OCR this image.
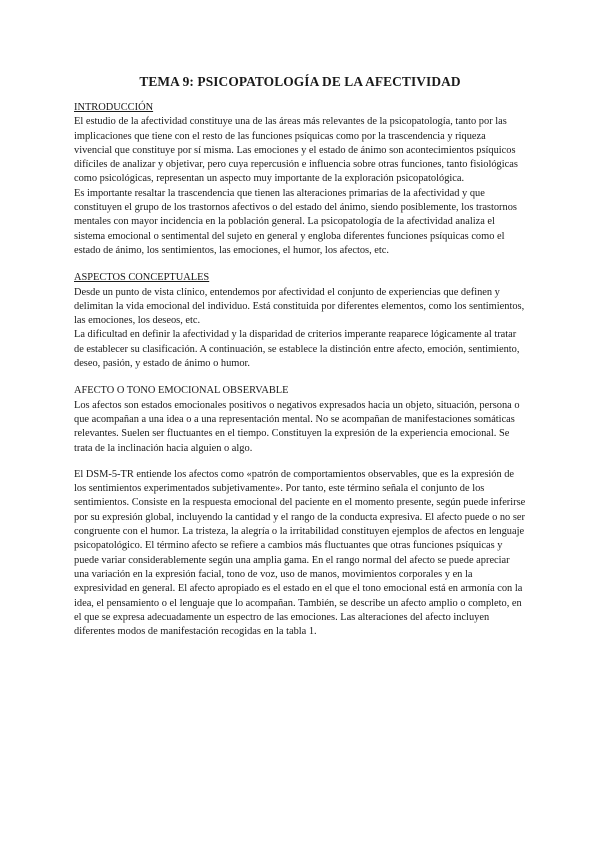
TEMA 9: PSICOPATOLOGÍA DE LA AFECTIVIDAD

INTRODUCCIÓN

El estudio de la afectividad constituye una de las áreas más relevantes de la psicopatología, tanto por las implicaciones que tiene con el resto de las funciones psíquicas como por la trascendencia y riqueza vivencial que constituye por sí misma. Las emociones y el estado de ánimo son acontecimientos psíquicos difíciles de analizar y objetivar, pero cuya repercusión e influencia sobre otras funciones, tanto fisiológicas como psicológicas, representan un aspecto muy importante de la exploración psicopatológica.

Es importante resaltar la trascendencia que tienen las alteraciones primarias de la afectividad y que constituyen el grupo de los trastornos afectivos o del estado del ánimo, siendo posiblemente, los trastornos mentales con mayor incidencia en la población general. La psicopatología de la afectividad analiza el sistema emocional o sentimental del sujeto en general y engloba diferentes funciones psíquicas como el estado de ánimo, los sentimientos, las emociones, el humor, los afectos, etc.

ASPECTOS CONCEPTUALES

Desde un punto de vista clínico, entendemos por afectividad el conjunto de experiencias que definen y delimitan la vida emocional del individuo. Está constituida por diferentes elementos, como los sentimientos, las emociones, los deseos, etc.

La dificultad en definir la afectividad y la disparidad de criterios imperante reaparece lógicamente al tratar de establecer su clasificación. A continuación, se establece la distinción entre afecto, emoción, sentimiento, deseo, pasión, y estado de ánimo o humor.

AFECTO O TONO EMOCIONAL OBSERVABLE

Los afectos son estados emocionales positivos o negativos expresados hacia un objeto, situación, persona o que acompañan a una idea o a una representación mental. No se acompañan de manifestaciones somáticas relevantes. Suelen ser fluctuantes en el tiempo. Constituyen la expresión de la experiencia emocional. Se trata de la inclinación hacia alguien o algo.

El DSM-5-TR entiende los afectos como «patrón de comportamientos observables, que es la expresión de los sentimientos experimentados subjetivamente». Por tanto, este término señala el conjunto de los sentimientos. Consiste en la respuesta emocional del paciente en el momento presente, según puede inferirse por su expresión global, incluyendo la cantidad y el rango de la conducta expresiva. El afecto puede o no ser congruente con el humor. La tristeza, la alegría o la irritabilidad constituyen ejemplos de afectos en lenguaje psicopatológico. El término afecto se refiere a cambios más fluctuantes que otras funciones psíquicas y puede variar considerablemente según una amplia gama. En el rango normal del afecto se puede apreciar una variación en la expresión facial, tono de voz, uso de manos, movimientos corporales y en la expresividad en general. El afecto apropiado es el estado en el que el tono emocional está en armonía con la idea, el pensamiento o el lenguaje que lo acompañan. También, se describe un afecto amplio o completo, en el que se expresa adecuadamente un espectro de las emociones. Las alteraciones del afecto incluyen diferentes modos de manifestación recogidas en la tabla 1.
